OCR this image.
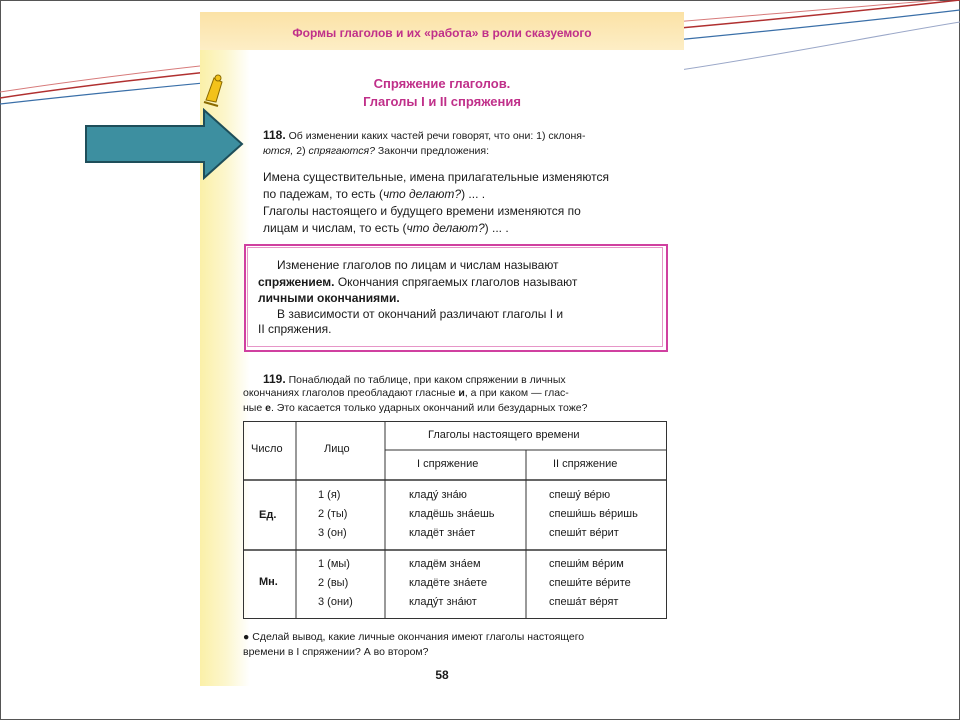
Формы глаголов и их «работа» в роли сказуемого
Спряжение глаголов.
Глаголы I и II спряжения
118. Об изменении каких частей речи говорят, что они: 1) склоня-
ются, 2) спрягаются? Закончи предложения:
Имена существительные, имена прилагательные изменяются
по падежам, то есть (что делают?) ... .
Глаголы настоящего и будущего времени изменяются по
лицам и числам, то есть (что делают?) ... .
Изменение глаголов по лицам и числам называют
спряжением. Окончания спрягаемых глаголов называют
личными окончаниями.
В зависимости от окончаний различают глаголы I и
II спряжения.
119. Понаблюдай по таблице, при каком спряжении в личных
окончаниях глаголов преобладают гласные и, а при каком — глас-
ные е. Это касается только ударных окончаний или безударных тоже?
Число	Лицо
Глаголы настоящего времени
I спряжение	II спряжение
Ед.
1 (я)
2 (ты)
3 (он)
кладу́ зна́ю
кладёшь зна́ешь
кладёт зна́ет
спешу́ ве́рю
спеши́шь ве́ришь
спеши́т ве́рит
Мн.
1 (мы)
2 (вы)
3 (они)
кладём зна́ем
кладёте зна́ете
кладу́т зна́ют
спеши́м ве́рим
спеши́те ве́рите
спеша́т ве́рят
● Сделай вывод, какие личные окончания имеют глаголы настоящего
времени в I спряжении? А во втором?
58
